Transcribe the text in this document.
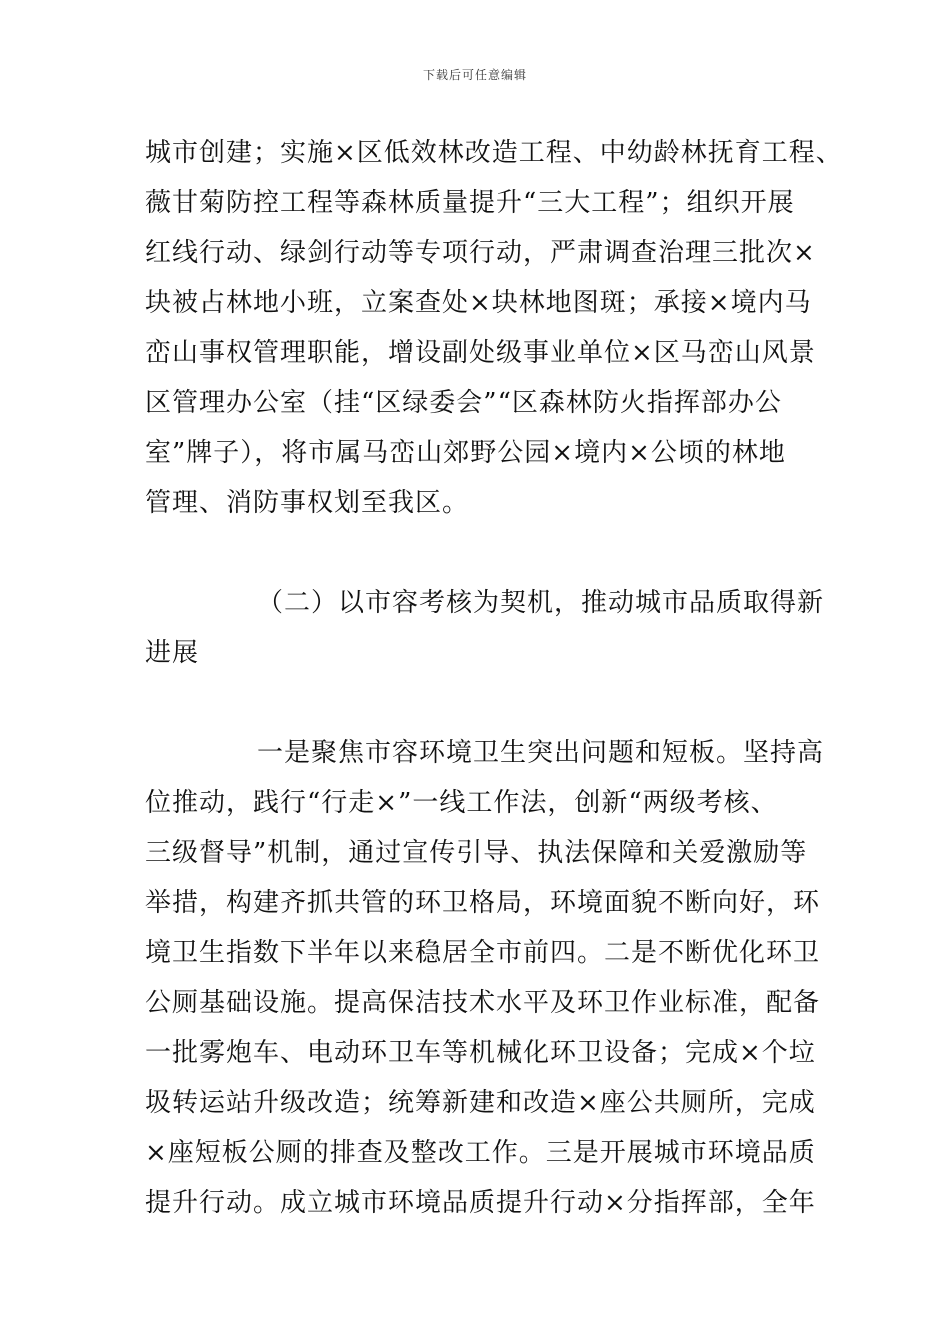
下载后可任意编辑
城市创建；实施×区低效林改造工程、中幼龄林抚育工程、
薇甘菊防控工程等森林质量提升“三大工程”；组织开展
红线行动、绿剑行动等专项行动，严肃调查治理三批次×
块被占林地小班，立案查处×块林地图斑；承接×境内马
峦山事权管理职能，增设副处级事业单位×区马峦山风景
区管理办公室（挂“区绿委会”“区森林防火指挥部办公
室”牌子），将市属马峦山郊野公园×境内×公顷的林地
管理、消防事权划至我区。
（二）以市容考核为契机，推动城市品质取得新
进展
一是聚焦市容环境卫生突出问题和短板。坚持高
位推动，践行“行走×”一线工作法，创新“两级考核、
三级督导”机制，通过宣传引导、执法保障和关爱激励等
举措，构建齐抓共管的环卫格局，环境面貌不断向好，环
境卫生指数下半年以来稳居全市前四。二是不断优化环卫
公厕基础设施。提高保洁技术水平及环卫作业标准，配备
一批雾炮车、电动环卫车等机械化环卫设备；完成×个垃
圾转运站升级改造；统筹新建和改造×座公共厕所，完成
×座短板公厕的排查及整改工作。三是开展城市环境品质
提升行动。成立城市环境品质提升行动×分指挥部，全年
